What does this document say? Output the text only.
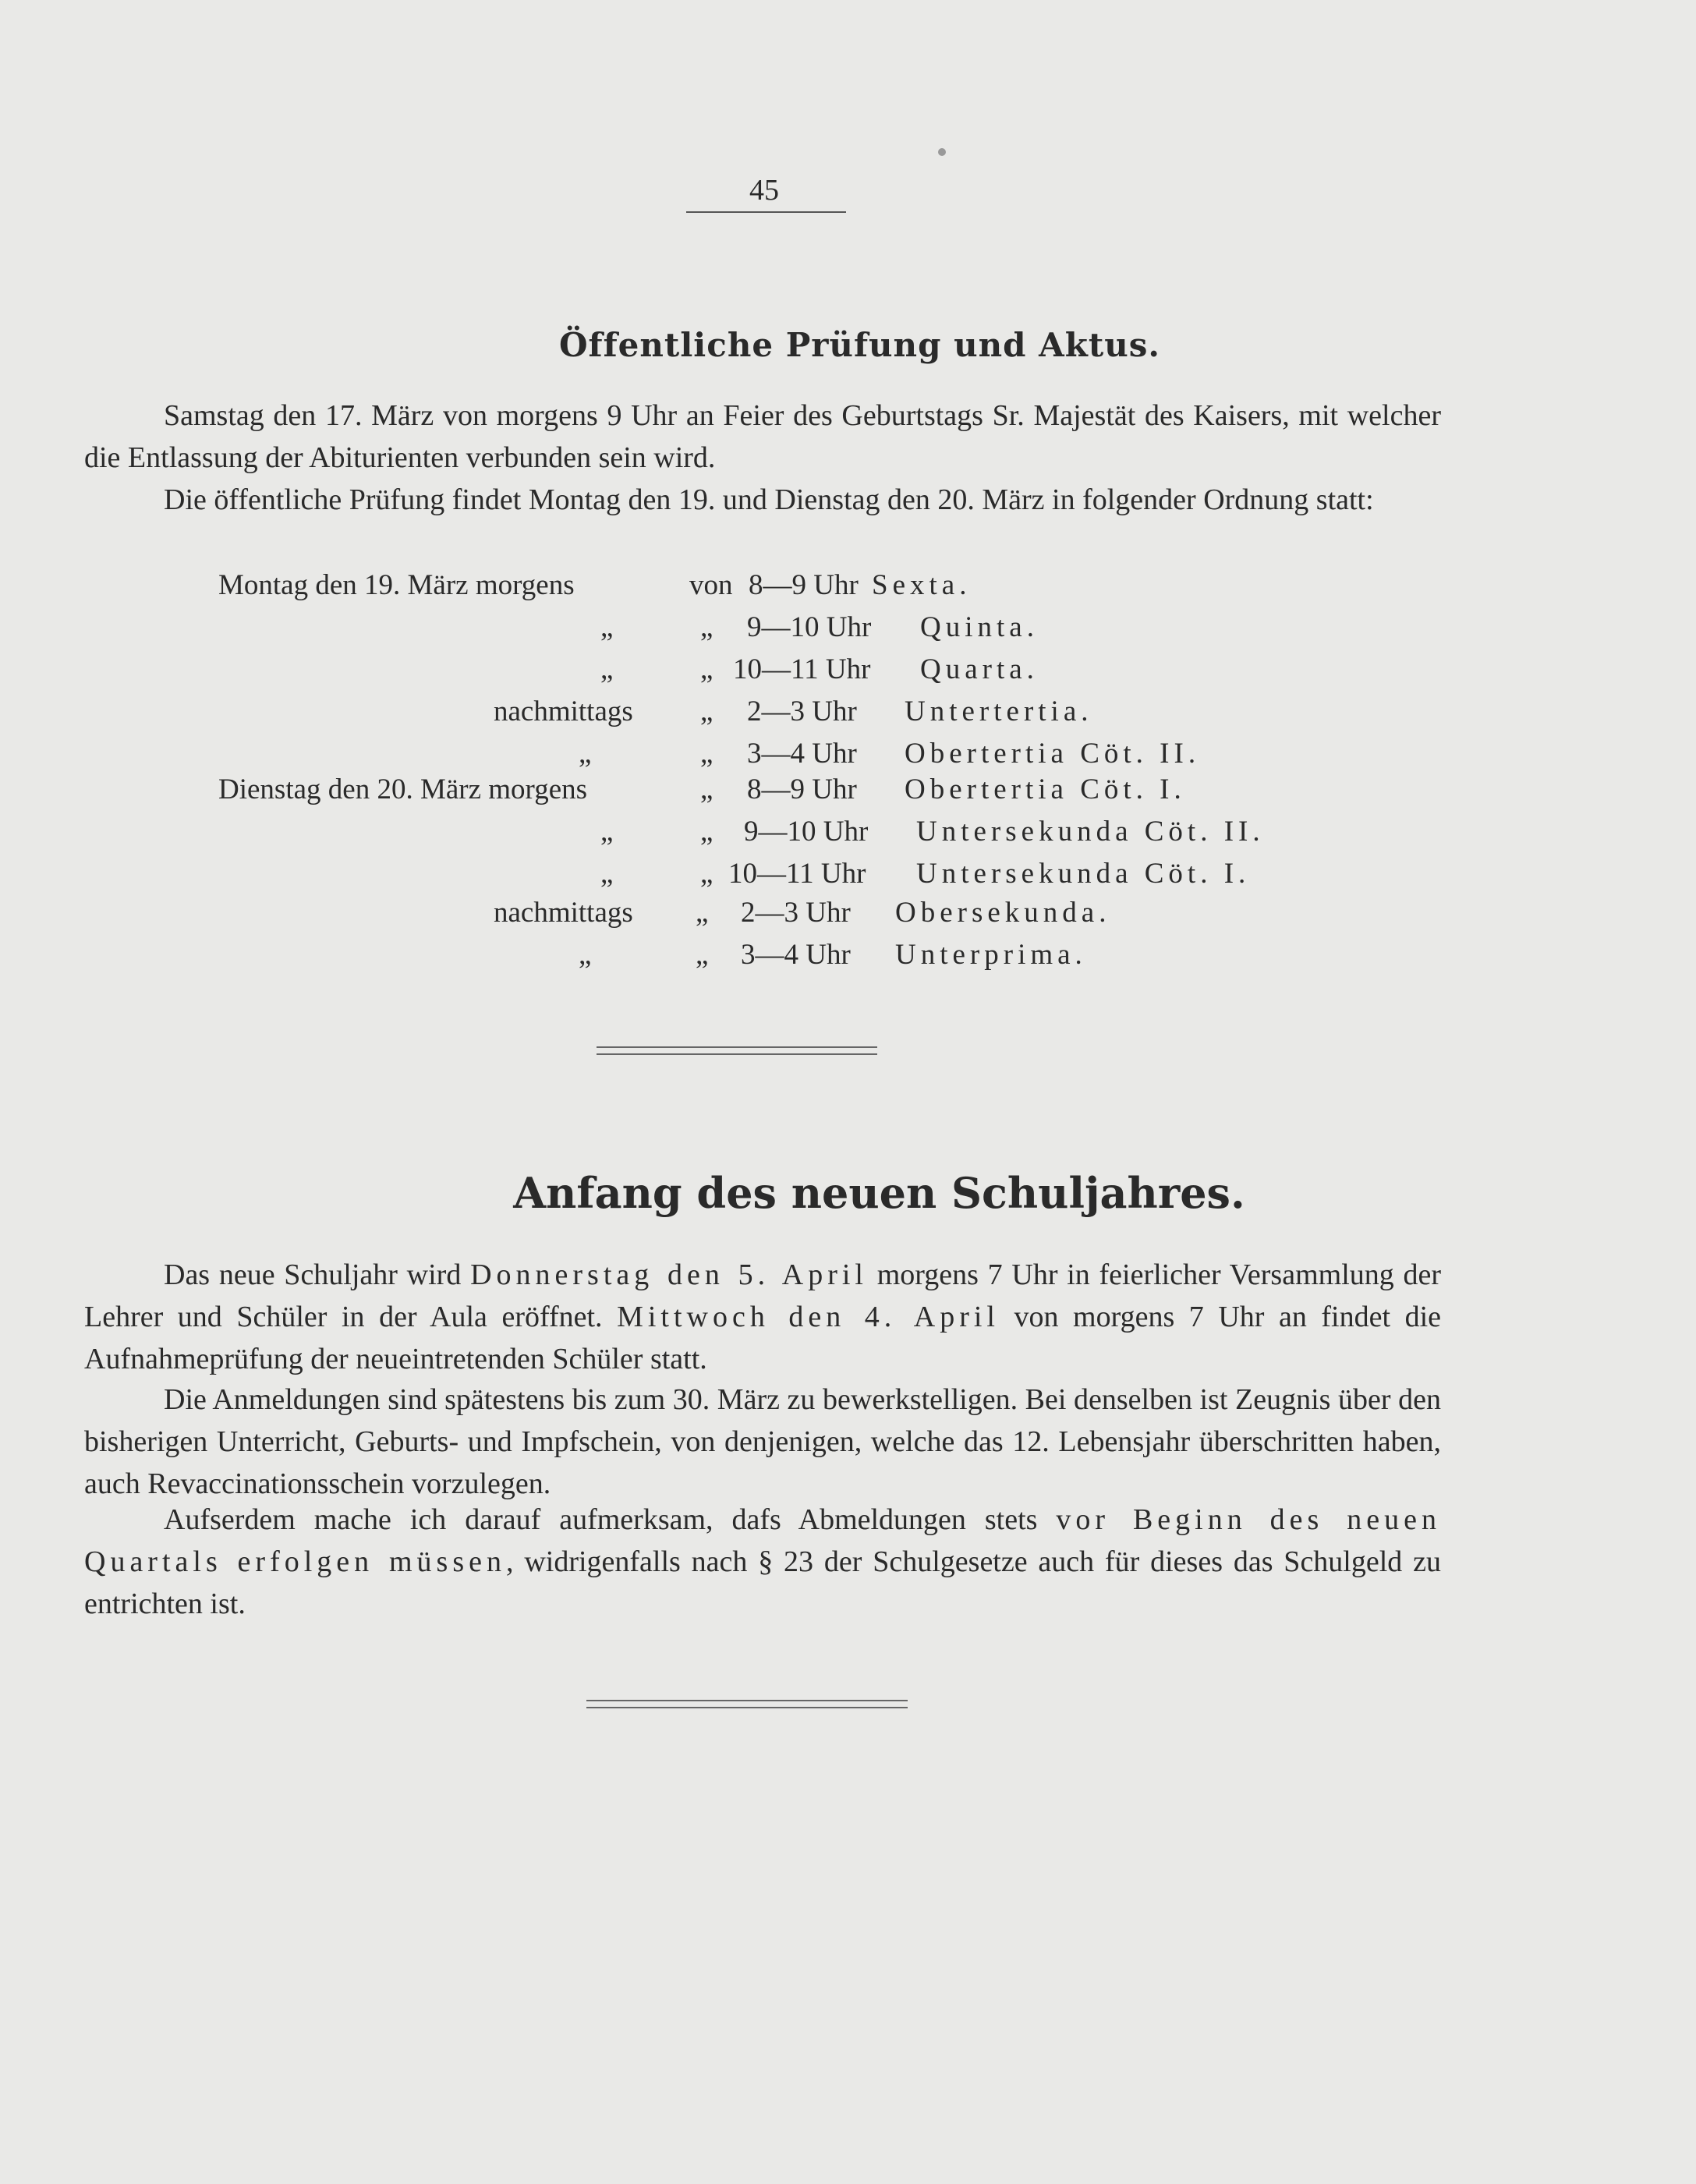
45
Öffentliche Prüfung und Aktus.
Samstag den 17. März von morgens 9 Uhr an Feier des Geburtstags Sr. Majestät des Kaisers, mit welcher die Entlassung der Abiturienten verbunden sein wird.
Die öffentliche Prüfung findet Montag den 19. und Dienstag den 20. März in folgender Ordnung statt:
Montag den 19. März morgens	von 8—9 Uhr Sexta.
„	„ 9—10 Uhr Quinta.
„	„ 10—11 Uhr Quarta.
nachmittags „ 2—3 Uhr Untertertia.
„	„ 3—4 Uhr Obertertia Cöt. II.
Dienstag den 20. März morgens	„ 8—9 Uhr Obertertia Cöt. I.
„	„ 9—10 Uhr Untersekunda Cöt. II.
„	„ 10—11 Uhr Untersekunda Cöt. I.
nachmittags „ 2—3 Uhr Obersekunda.
„	„ 3—4 Uhr Unterprima.
Anfang des neuen Schuljahres.
Das neue Schuljahr wird Donnerstag den 5. April morgens 7 Uhr in feierlicher Versammlung der Lehrer und Schüler in der Aula eröffnet. Mittwoch den 4. April von morgens 7 Uhr an findet die Aufnahmeprüfung der neueintretenden Schüler statt.
Die Anmeldungen sind spätestens bis zum 30. März zu bewerkstelligen. Bei denselben ist Zeugnis über den bisherigen Unterricht, Geburts- und Impfschein, von denjenigen, welche das 12. Lebensjahr überschritten haben, auch Revaccinationsschein vorzulegen.
Aufserdem mache ich darauf aufmerksam, dafs Abmeldungen stets vor Beginn des neuen Quartals erfolgen müssen, widrigenfalls nach § 23 der Schulgesetze auch für dieses das Schulgeld zu entrichten ist.
